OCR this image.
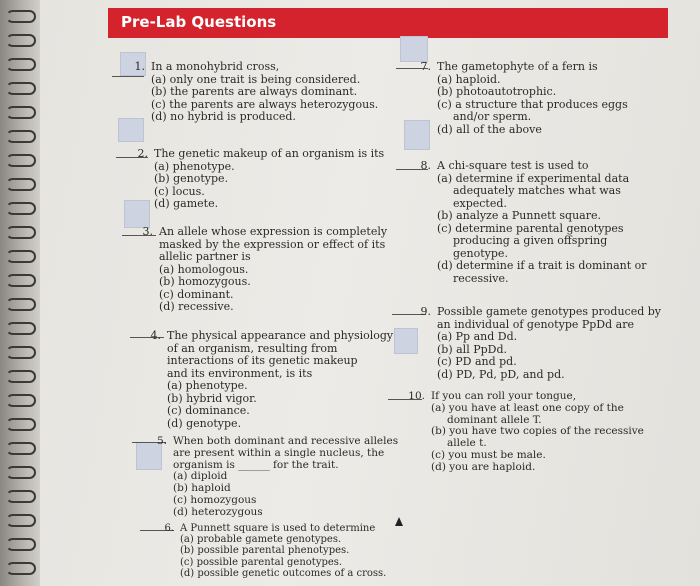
Pre-Lab Questions
1. In a monohybrid cross,
(a) only one trait is being considered.
(b) the parents are always dominant.
(c) the parents are always heterozygous.
(d) no hybrid is produced.
2. The genetic makeup of an organism is its
(a) phenotype.
(b) genotype.
(c) locus.
(d) gamete.
3. An allele whose expression is completely
masked by the expression or effect of its
allelic partner is
(a) homologous.
(b) homozygous.
(c) dominant.
(d) recessive.
4. The physical appearance and physiology
of an organism, resulting from
interactions of its genetic makeup
and its environment, is its
(a) phenotype.
(b) hybrid vigor.
(c) dominance.
(d) genotype.
5. When both dominant and recessive alleles
are present within a single nucleus, the
organism is ______ for the trait.
(a) diploid
(b) haploid
(c) homozygous
(d) heterozygous
6. A Punnett square is used to determine
(a) probable gamete genotypes.
(b) possible parental phenotypes.
(c) possible parental genotypes.
(d) possible genetic outcomes of a cross.
7. The gametophyte of a fern is
(a) haploid.
(b) photoautotrophic.
(c) a structure that produces eggs
and/or sperm.
(d) all of the above
8. A chi-square test is used to
(a) determine if experimental data
adequately matches what was
expected.
(b) analyze a Punnett square.
(c) determine parental genotypes
producing a given offspring
genotype.
(d) determine if a trait is dominant or
recessive.
9. Possible gamete genotypes produced by
an individual of genotype PpDd are
(a) Pp and Dd.
(b) all PpDd.
(c) PD and pd.
(d) PD, Pd, pD, and pd.
10. If you can roll your tongue,
(a) you have at least one copy of the
dominant allele T.
(b) you have two copies of the recessive
allele t.
(c) you must be male.
(d) you are haploid.
